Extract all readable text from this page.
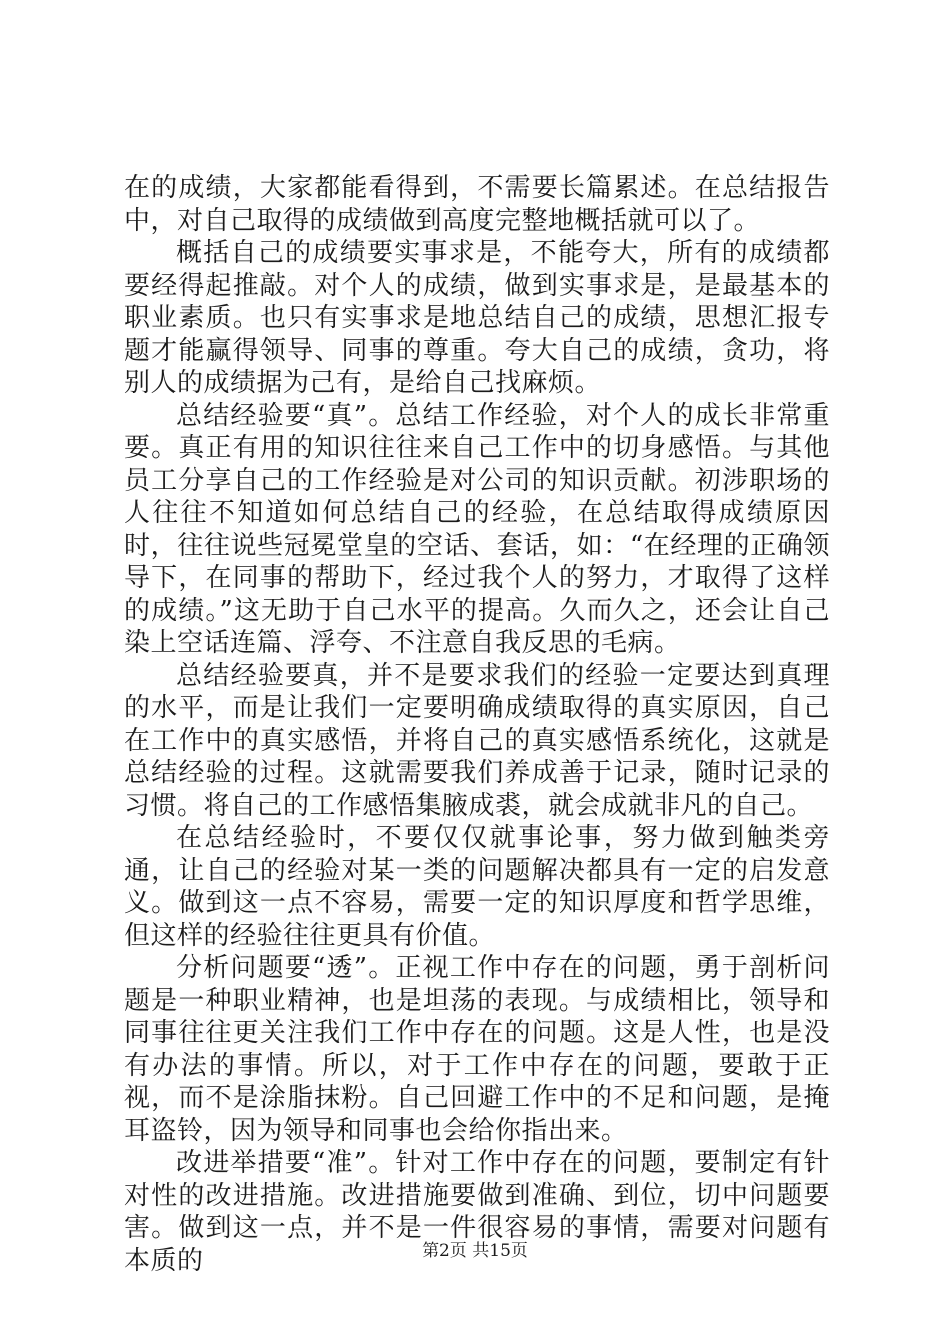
在的成绩，大家都能看得到，不需要长篇累述。在总结报告中，对自己取得的成绩做到高度完整地概括就可以了。

概括自己的成绩要实事求是，不能夸大，所有的成绩都要经得起推敲。对个人的成绩，做到实事求是，是最基本的职业素质。也只有实事求是地总结自己的成绩，思想汇报专题才能赢得领导、同事的尊重。夸大自己的成绩，贪功，将别人的成绩据为己有，是给自己找麻烦。

总结经验要“真”。总结工作经验，对个人的成长非常重要。真正有用的知识往往来自己工作中的切身感悟。与其他员工分享自己的工作经验是对公司的知识贡献。初涉职场的人往往不知道如何总结自己的经验，在总结取得成绩原因时，往往说些冠冕堂皇的空话、套话，如：“在经理的正确领导下，在同事的帮助下，经过我个人的努力，才取得了这样的成绩。”这无助于自己水平的提高。久而久之，还会让自己染上空话连篇、浮夸、不注意自我反思的毛病。

总结经验要真，并不是要求我们的经验一定要达到真理的水平，而是让我们一定要明确成绩取得的真实原因，自己在工作中的真实感悟，并将自己的真实感悟系统化，这就是总结经验的过程。这就需要我们养成善于记录，随时记录的习惯。将自己的工作感悟集腋成裘，就会成就非凡的自己。

在总结经验时，不要仅仅就事论事，努力做到触类旁通，让自己的经验对某一类的问题解决都具有一定的启发意义。做到这一点不容易，需要一定的知识厚度和哲学思维，但这样的经验往往更具有价值。

分析问题要“透”。正视工作中存在的问题，勇于剖析问题是一种职业精神，也是坦荡的表现。与成绩相比，领导和同事往往更关注我们工作中存在的问题。这是人性，也是没有办法的事情。所以，对于工作中存在的问题，要敢于正视，而不是涂脂抹粉。自己回避工作中的不足和问题，是掩耳盗铃，因为领导和同事也会给你指出来。

改进举措要“准”。针对工作中存在的问题，要制定有针对性的改进措施。改进措施要做到准确、到位，切中问题要害。做到这一点，并不是一件很容易的事情，需要对问题有本质的	第2页 共15页
